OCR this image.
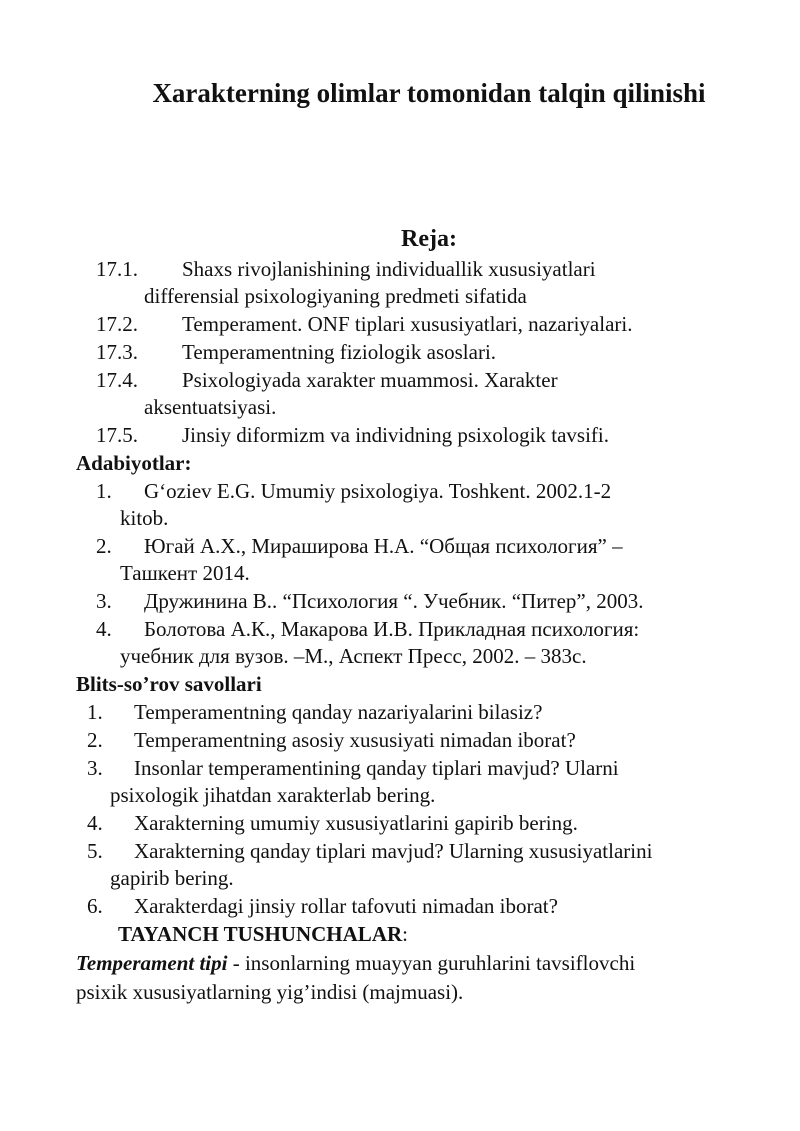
Xarakterning olimlar tomonidan talqin qilinishi
Reja:
17.1. Shaxs rivojlanishining individuallik xususiyatlari
differensial psixologiyaning predmeti sifatida
17.2. Temperament. ONF tiplari xususiyatlari, nazariyalari.
17.3. Temperamentning fiziologik asoslari.
17.4. Psixologiyada xarakter muammosi. Xarakter
aksentuatsiyasi.
17.5. Jinsiy diformizm va individning psixologik tavsifi.
Adabiyotlar:
1. G‘oziev E.G. Umumiy psixologiya. Toshkent. 2002.1-2
kitob.
2. Югай А.Х., Мираширова Н.А. “Общая психология” –
Ташкент 2014.
3. Дружинина В.. “Психология “. Учебник. “Питер”, 2003.
4. Болотова А.К., Макарова И.В. Прикладная психология:
учебник для вузов. –М., Аспект Пресс, 2002. – 383с.
Blits-so’rov savollari
1. Temperamentning qanday nazariyalarini bilasiz?
2. Temperamentning asosiy xususiyati nimadan iborat?
3. Insonlar temperamentining qanday tiplari mavjud? Ularni
psixologik jihatdan xarakterlab bering.
4. Xarakterning umumiy xususiyatlarini gapirib bering.
5. Xarakterning qanday tiplari mavjud? Ularning xususiyatlarini
gapirib bering.
6. Xarakterdagi jinsiy rollar tafovuti nimadan iborat?
TAYANCH TUSHUNCHALAR:
Temperament tipi - insonlarning muayyan guruhlarini tavsiflovchi
psixik xususiyatlarning yig’indisi (majmuasi).
